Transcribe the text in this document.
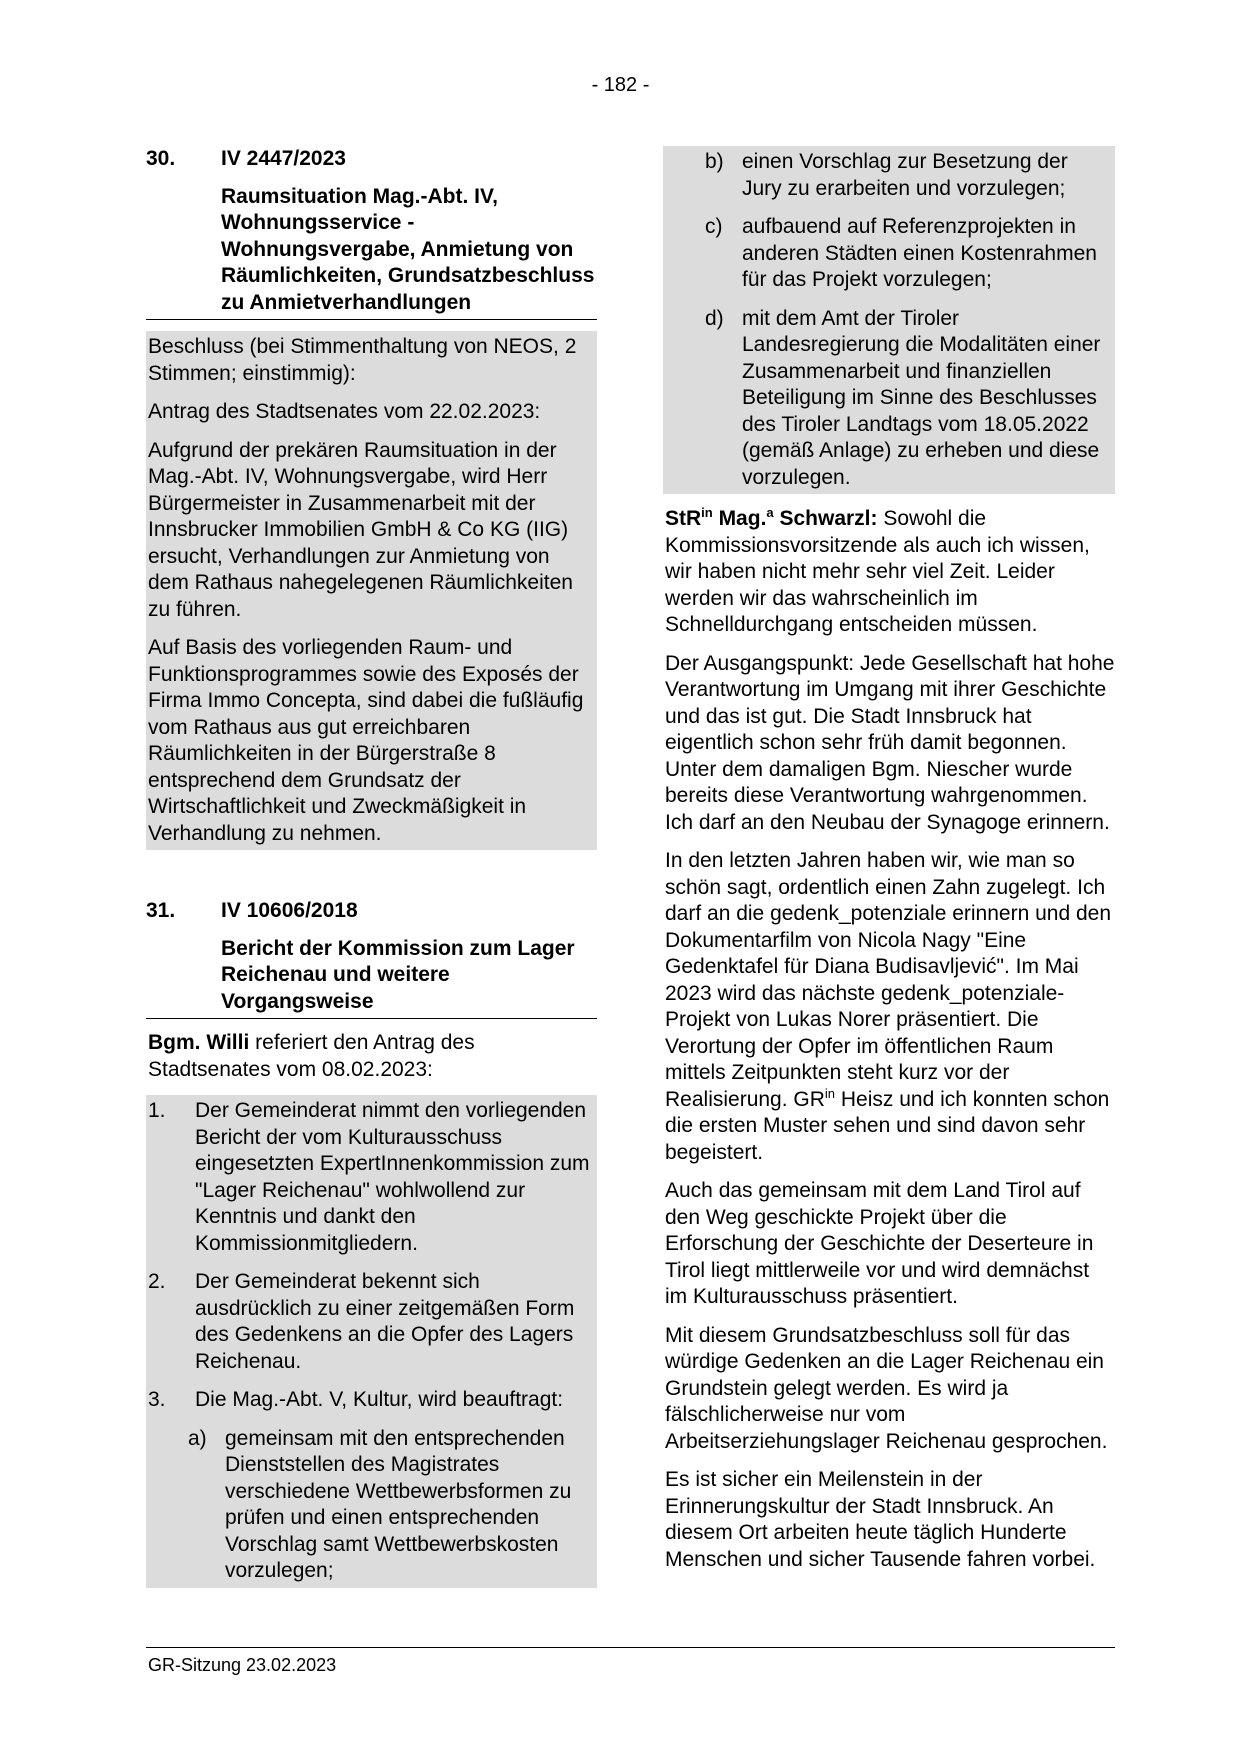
- 182 -
30. IV 2447/2023
Raumsituation Mag.-Abt. IV, Wohnungsservice - Wohnungsvergabe, Anmietung von Räumlichkeiten, Grundsatzbeschluss zu Anmietverhandlungen

Beschluss (bei Stimmenthaltung von NEOS, 2 Stimmen; einstimmig):

Antrag des Stadtsenates vom 22.02.2023:

Aufgrund der prekären Raumsituation in der Mag.-Abt. IV, Wohnungsvergabe, wird Herr Bürgermeister in Zusammenarbeit mit der Innsbrucker Immobilien GmbH & Co KG (IIG) ersucht, Verhandlungen zur Anmietung von dem Rathaus nahegelegenen Räumlichkeiten zu führen.

Auf Basis des vorliegenden Raum- und Funktionsprogrammes sowie des Exposés der Firma Immo Concepta, sind dabei die fußläufig vom Rathaus aus gut erreichbaren Räumlichkeiten in der Bürgerstraße 8 entsprechend dem Grundsatz der Wirtschaftlichkeit und Zweckmäßigkeit in Verhandlung zu nehmen.

31. IV 10606/2018
Bericht der Kommission zum Lager Reichenau und weitere Vorgangsweise

Bgm. Willi referiert den Antrag des Stadtsenates vom 08.02.2023:

1.	Der Gemeinderat nimmt den vorliegenden Bericht der vom Kulturausschuss eingesetzten ExpertInnenkommission zum "Lager Reichenau" wohlwollend zur Kenntnis und dankt den Kommissionmitgliedern.
2.	Der Gemeinderat bekennt sich ausdrücklich zu einer zeitgemäßen Form des Gedenkens an die Opfer des Lagers Reichenau.
3.	Die Mag.-Abt. V, Kultur, wird beauftragt:
a) gemeinsam mit den entsprechenden Dienststellen des Magistrates verschiedene Wettbewerbsformen zu prüfen und einen entsprechenden Vorschlag samt Wettbewerbskosten vorzulegen;
b) einen Vorschlag zur Besetzung der Jury zu erarbeiten und vorzulegen;
c) aufbauend auf Referenzprojekten in anderen Städten einen Kostenrahmen für das Projekt vorzulegen;
d) mit dem Amt der Tiroler Landesregierung die Modalitäten einer Zusammenarbeit und finanziellen Beteiligung im Sinne des Beschlusses des Tiroler Landtags vom 18.05.2022 (gemäß Anlage) zu erheben und diese vorzulegen.

StR$^{in}$ Mag.$^a$ Schwarzl: Sowohl die Kommissionsvorsitzende als auch ich wissen, wir haben nicht mehr sehr viel Zeit. Leider werden wir das wahrscheinlich im Schnelldurchgang entscheiden müssen.

Der Ausgangspunkt: Jede Gesellschaft hat hohe Verantwortung im Umgang mit ihrer Geschichte und das ist gut. Die Stadt Innsbruck hat eigentlich schon sehr früh damit begonnen. Unter dem damaligen Bgm. Niescher wurde bereits diese Verantwortung wahrgenommen. Ich darf an den Neubau der Synagoge erinnern.

In den letzten Jahren haben wir, wie man so schön sagt, ordentlich einen Zahn zugelegt. Ich darf an die gedenk_potenziale erinnern und den Dokumentarfilm von Nicola Nagy "Eine Gedenktafel für Diana Budisavljević". Im Mai 2023 wird das nächste gedenk_potenziale-Projekt von Lukas Norer präsentiert. Die Verortung der Opfer im öffentlichen Raum mittels Zeitpunkten steht kurz vor der Realisierung. $GR^{in}$ Heisz und ich konnten schon die ersten Muster sehen und sind davon sehr begeistert.

Auch das gemeinsam mit dem Land Tirol auf den Weg geschickte Projekt über die Erforschung der Geschichte der Deserteure in Tirol liegt mittlerweile vor und wird demnächst im Kulturausschuss präsentiert.

Mit diesem Grundsatzbeschluss soll für das würdige Gedenken an die Lager Reichenau ein Grundstein gelegt werden. Es wird ja fälschlicherweise nur vom Arbeitserziehungslager Reichenau gesprochen.

Es ist sicher ein Meilenstein in der Erinnerungskultur der Stadt Innsbruck. An diesem Ort arbeiten heute täglich Hunderte Menschen und sicher Tausende fahren vorbei.

GR-Sitzung 23.02.2023
